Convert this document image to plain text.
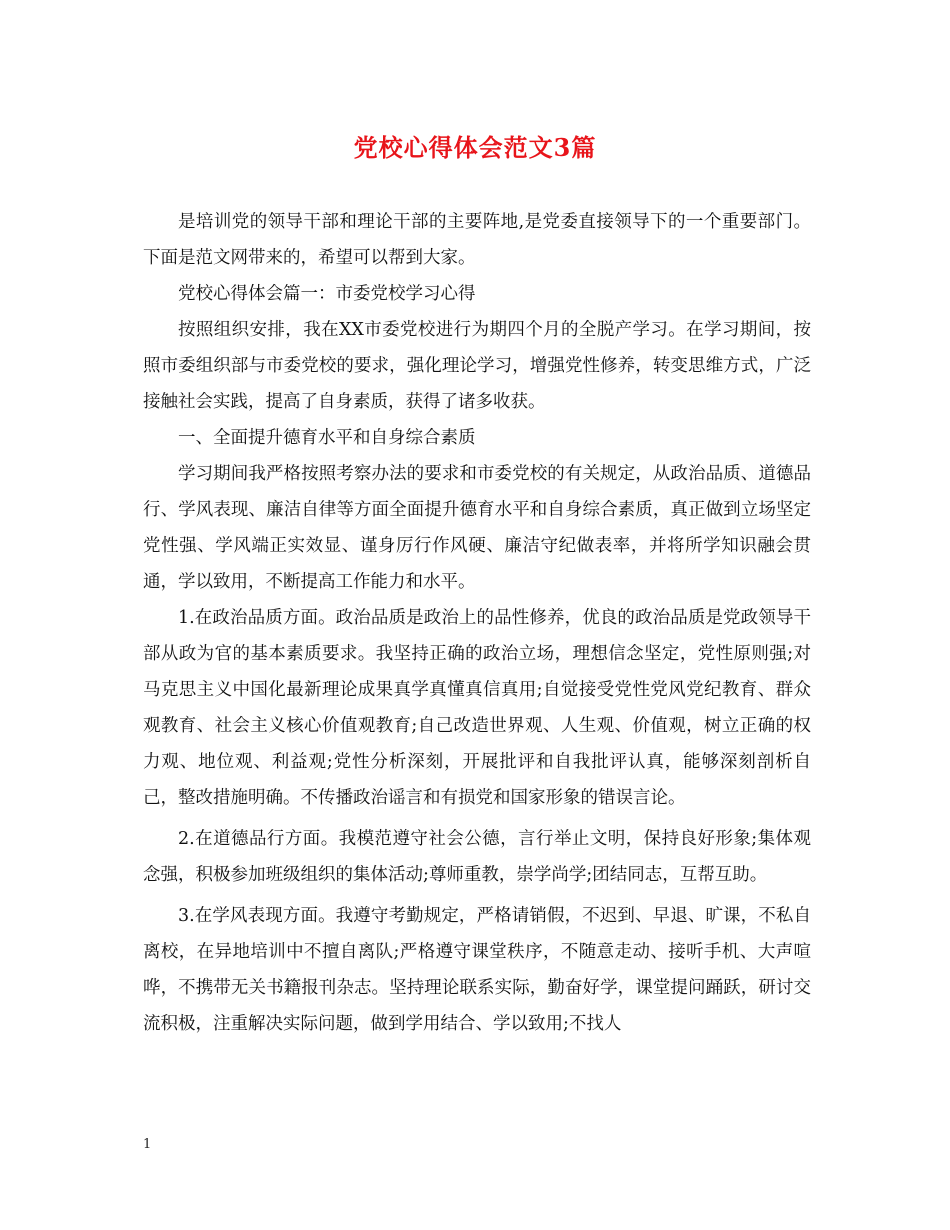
党校心得体会范文3篇

是培训党的领导干部和理论干部的主要阵地,是党委直接领导下的一个重要部门。下面是范文网带来的，希望可以帮到大家。

党校心得体会篇一：市委党校学习心得

按照组织安排，我在XX市委党校进行为期四个月的全脱产学习。在学习期间，按照市委组织部与市委党校的要求，强化理论学习，增强党性修养，转变思维方式，广泛接触社会实践，提高了自身素质，获得了诸多收获。

一、全面提升德育水平和自身综合素质

学习期间我严格按照考察办法的要求和市委党校的有关规定，从政治品质、道德品行、学风表现、廉洁自律等方面全面提升德育水平和自身综合素质，真正做到立场坚定党性强、学风端正实效显、谨身厉行作风硬、廉洁守纪做表率，并将所学知识融会贯通，学以致用，不断提高工作能力和水平。

1.在政治品质方面。政治品质是政治上的品性修养，优良的政治品质是党政领导干部从政为官的基本素质要求。我坚持正确的政治立场，理想信念坚定，党性原则强;对马克思主义中国化最新理论成果真学真懂真信真用;自觉接受党性党风党纪教育、群众观教育、社会主义核心价值观教育;自己改造世界观、人生观、价值观，树立正确的权力观、地位观、利益观;党性分析深刻，开展批评和自我批评认真，能够深刻剖析自己，整改措施明确。不传播政治谣言和有损党和国家形象的错误言论。

2.在道德品行方面。我模范遵守社会公德，言行举止文明，保持良好形象;集体观念强，积极参加班级组织的集体活动;尊师重教，崇学尚学;团结同志，互帮互助。

3.在学风表现方面。我遵守考勤规定，严格请销假，不迟到、早退、旷课，不私自离校，在异地培训中不擅自离队;严格遵守课堂秩序，不随意走动、接听手机、大声喧哗，不携带无关书籍报刊杂志。坚持理论联系实际，勤奋好学，课堂提问踊跃，研讨交流积极，注重解决实际问题，做到学用结合、学以致用;不找人

1
